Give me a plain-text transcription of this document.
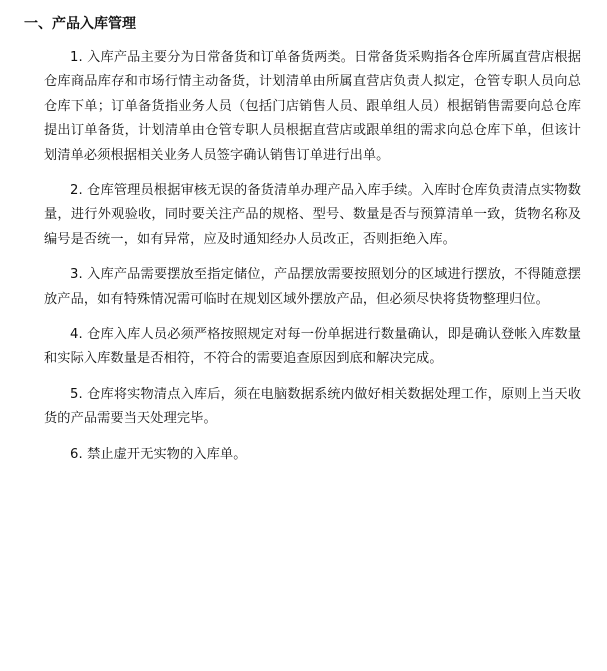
一、产品入库管理

1. 入库产品主要分为日常备货和订单备货两类。日常备货采购指各仓库所属直营店根据仓库商品库存和市场行情主动备货，计划清单由所属直营店负责人拟定，仓管专职人员向总仓库下单；订单备货指业务人员（包括门店销售人员、跟单组人员）根据销售需要向总仓库提出订单备货，计划清单由仓管专职人员根据直营店或跟单组的需求向总仓库下单，但该计划清单必须根据相关业务人员签字确认销售订单进行出单。

2. 仓库管理员根据审核无误的备货清单办理产品入库手续。入库时仓库负责清点实物数量，进行外观验收，同时要关注产品的规格、型号、数量是否与预算清单一致，货物名称及编号是否统一，如有异常，应及时通知经办人员改正，否则拒绝入库。

3. 入库产品需要摆放至指定储位，产品摆放需要按照划分的区域进行摆放，不得随意摆放产品，如有特殊情况需可临时在规划区域外摆放产品，但必须尽快将货物整理归位。

4. 仓库入库人员必须严格按照规定对每一份单据进行数量确认，即是确认登帐入库数量和实际入库数量是否相符，不符合的需要追查原因到底和解决完成。

5. 仓库将实物清点入库后，须在电脑数据系统内做好相关数据处理工作，原则上当天收货的产品需要当天处理完毕。

6. 禁止虚开无实物的入库单。
